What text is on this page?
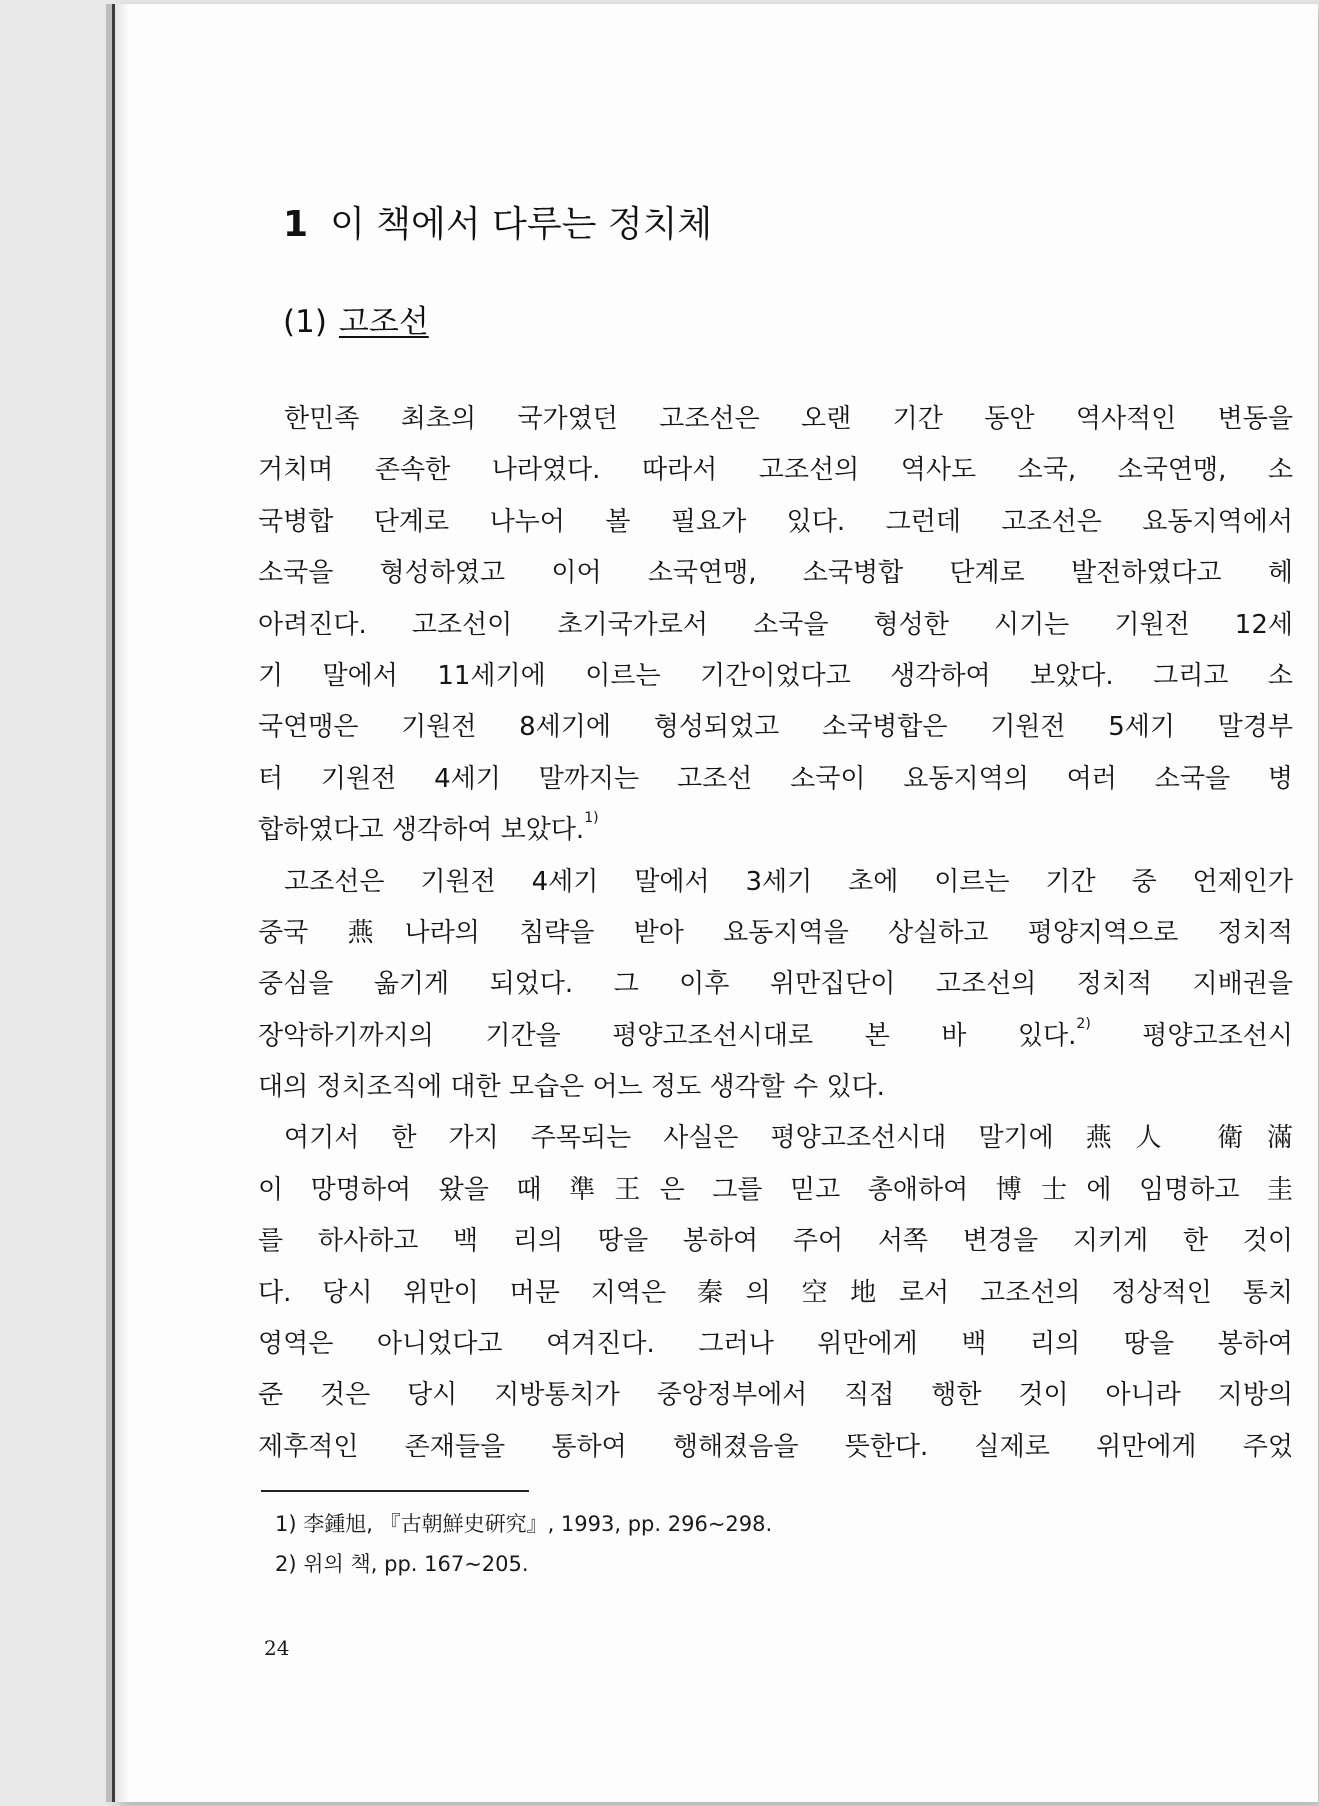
1 이 책에서 다루는 정치체
(1) 고조선
한민족 최초의 국가였던 고조선은 오랜 기간 동안 역사적인 변동을
거치며 존속한 나라였다. 따라서 고조선의 역사도 소국, 소국연맹, 소
국병합 단계로 나누어 볼 필요가 있다. 그런데 고조선은 요동지역에서
소국을 형성하였고 이어 소국연맹, 소국병합 단계로 발전하였다고 헤
아려진다. 고조선이 초기국가로서 소국을 형성한 시기는 기원전 12세
기 말에서 11세기에 이르는 기간이었다고 생각하여 보았다. 그리고 소
국연맹은 기원전 8세기에 형성되었고 소국병합은 기원전 5세기 말경부
터 기원전 4세기 말까지는 고조선 소국이 요동지역의 여러 소국을 병
합하였다고 생각하여 보았다.$^{1)}$
고조선은 기원전 4세기 말에서 3세기 초에 이르는 기간 중 언제인가
중국 燕나라의 침략을 받아 요동지역을 상실하고 평양지역으로 정치적
중심을 옮기게 되었다. 그 이후 위만집단이 고조선의 정치적 지배권을
장악하기까지의 기간을 평양고조선시대로 본 바 있다.$^{2)}$ 평양고조선시
대의 정치조직에 대한 모습은 어느 정도 생각할 수 있다.
여기서 한 가지 주목되는 사실은 평양고조선시대 말기에 燕人 衛滿
이 망명하여 왔을 때 準王은 그를 믿고 총애하여 博士에 임명하고 圭
를 하사하고 백 리의 땅을 봉하여 주어 서쪽 변경을 지키게 한 것이
다. 당시 위만이 머문 지역은 秦의 空地로서 고조선의 정상적인 통치
영역은 아니었다고 여겨진다. 그러나 위만에게 백 리의 땅을 봉하여
준 것은 당시 지방통치가 중앙정부에서 직접 행한 것이 아니라 지방의
제후적인 존재들을 통하여 행해졌음을 뜻한다. 실제로 위만에게 주었
1) 李鍾旭, 『古朝鮮史硏究』, 1993, pp. 296~298.
2) 위의 책, pp. 167~205.
24
